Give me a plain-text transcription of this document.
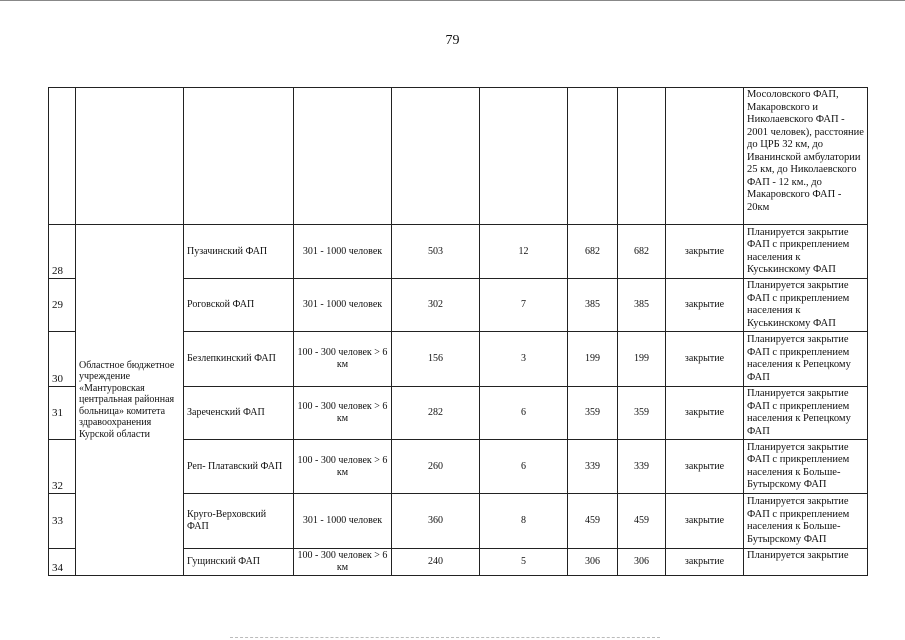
79
									Мосоловского ФАП, Макаровского и Николаевского ФАП - 2001 человек), расстояние до ЦРБ 32 км, до Иванинской амбулатории 25 км, до Николаевского ФАП - 12 км., до Макаровского ФАП - 20км
28	Областное бюджетное учреждение «Мантуровская центральная районная больница» комитета здравоохранения Курской области	Пузачинский ФАП	301 - 1000 человек	503	12	682	682	закрытие	Планируется закрытие ФАП с прикреплением населения к Куськинскому ФАП
29		Роговской ФАП	301 - 1000 человек	302	7	385	385	закрытие	Планируется закрытие ФАП с прикреплением населения к Куськинскому ФАП
30		Безлепкинский ФАП	100 - 300 человек > 6 км	156	3	199	199	закрытие	Планируется закрытие ФАП с прикреплением населения к Репецкому ФАП
31		Зареченский ФАП	100 - 300 человек > 6 км	282	6	359	359	закрытие	Планируется закрытие ФАП с прикреплением населения к Репецкому ФАП
32		Реп- Платавский ФАП	100 - 300 человек > 6 км	260	6	339	339	закрытие	Планируется закрытие ФАП с прикреплением населения к Больше-Бутырскому ФАП
33		Круго-Верховский ФАП	301 - 1000 человек	360	8	459	459	закрытие	Планируется закрытие ФАП с прикреплением населения к Больше-Бутырскому ФАП
34		Гущинский ФАП	100 - 300 человек > 6 км	240	5	306	306	закрытие	Планируется закрытие
